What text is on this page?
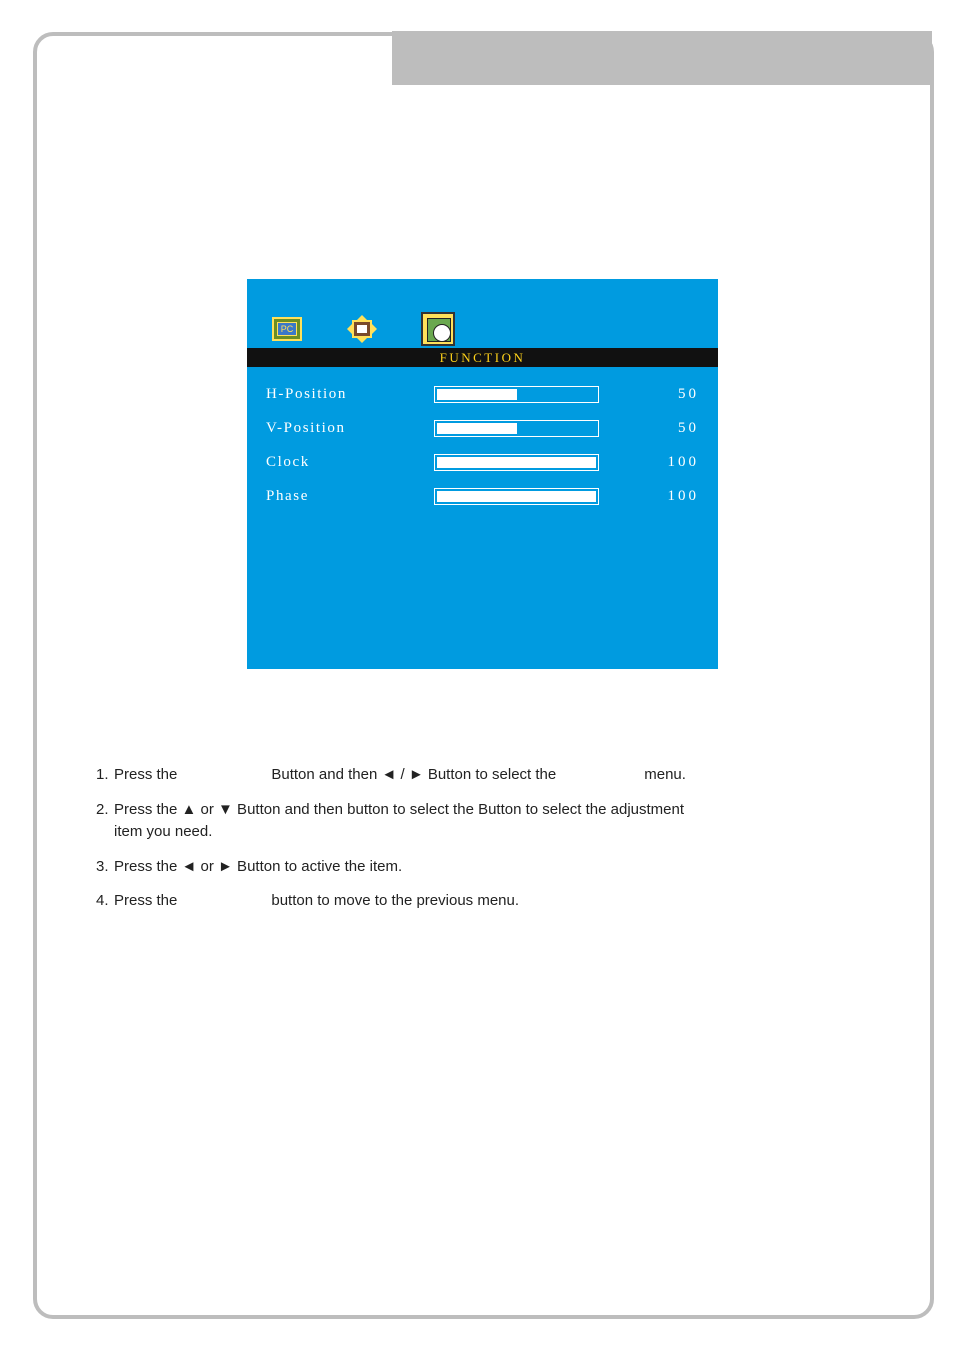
PC
FUNCTION
H-Position	50
V-Position	50
Clock	100
Phase	100

1. Press the	Button and then ◄ / ► Button to select the	menu.

2. Press the ▲ or ▼ Button and then button to select the Button to select the adjustment
item you need.

3. Press the ◄ or ► Button to active the item.

4. Press the	button to move to the previous menu.
